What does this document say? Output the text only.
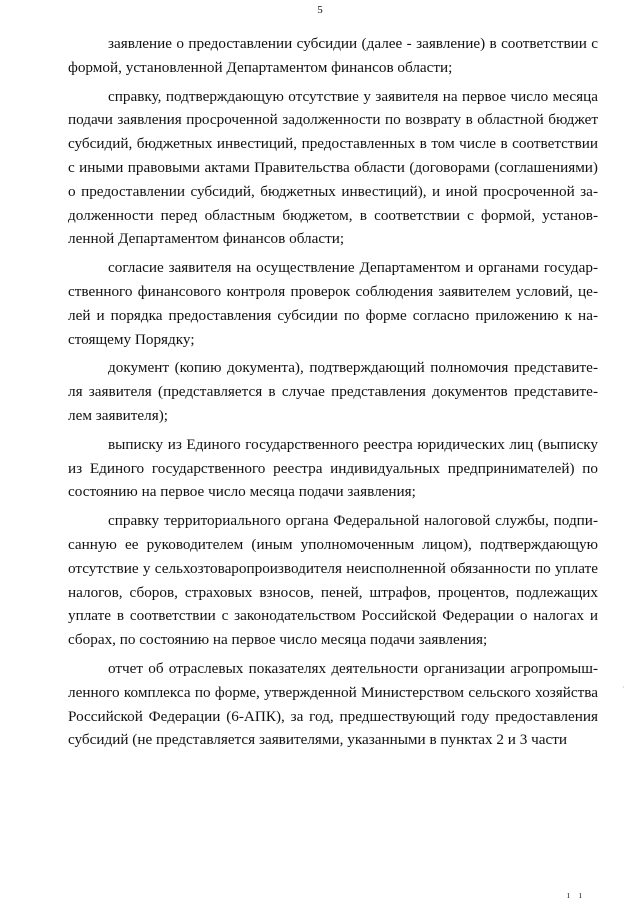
5

заявление о предоставлении субсидии (далее - заявление) в соответствии с формой, установленной Департаментом финансов области;

справку, подтверждающую отсутствие у заявителя на первое число месяца подачи заявления просроченной задолженности по возврату в областной бюджет субсидий, бюджетных инвестиций, предоставленных в том числе в соответствии с иными правовыми актами Правительства области (договорами (соглашениями) о предоставлении субсидий, бюджетных инвестиций), и иной просроченной задолженности перед областным бюджетом, в соответствии с формой, установленной Департаментом финансов области;

согласие заявителя на осуществление Департаментом и органами государственного финансового контроля проверок соблюдения заявителем условий, целей и порядка предоставления субсидии по форме согласно приложению к настоящему Порядку;

документ (копию документа), подтверждающий полномочия представителя заявителя (представляется в случае представления документов представителем заявителя);

выписку из Единого государственного реестра юридических лиц (выписку из Единого государственного реестра индивидуальных предпринимателей) по состоянию на первое число месяца подачи заявления;

справку территориального органа Федеральной налоговой службы, подписанную ее руководителем (иным уполномоченным лицом), подтверждающую отсутствие у сельхозтоваропроизводителя неисполненной обязанности по уплате налогов, сборов, страховых взносов, пеней, штрафов, процентов, подлежащих уплате в соответствии с законодательством Российской Федерации о налогах и сборах, по состоянию на первое число месяца подачи заявления;

отчет об отраслевых показателях деятельности организации агропромышленного комплекса по форме, утвержденной Министерством сельского хозяйства Российской Федерации (6-АПК), за год, предшествующий году предоставления субсидий (не представляется заявителями, указанными в пунктах 2 и 3 части

ı ı
·
